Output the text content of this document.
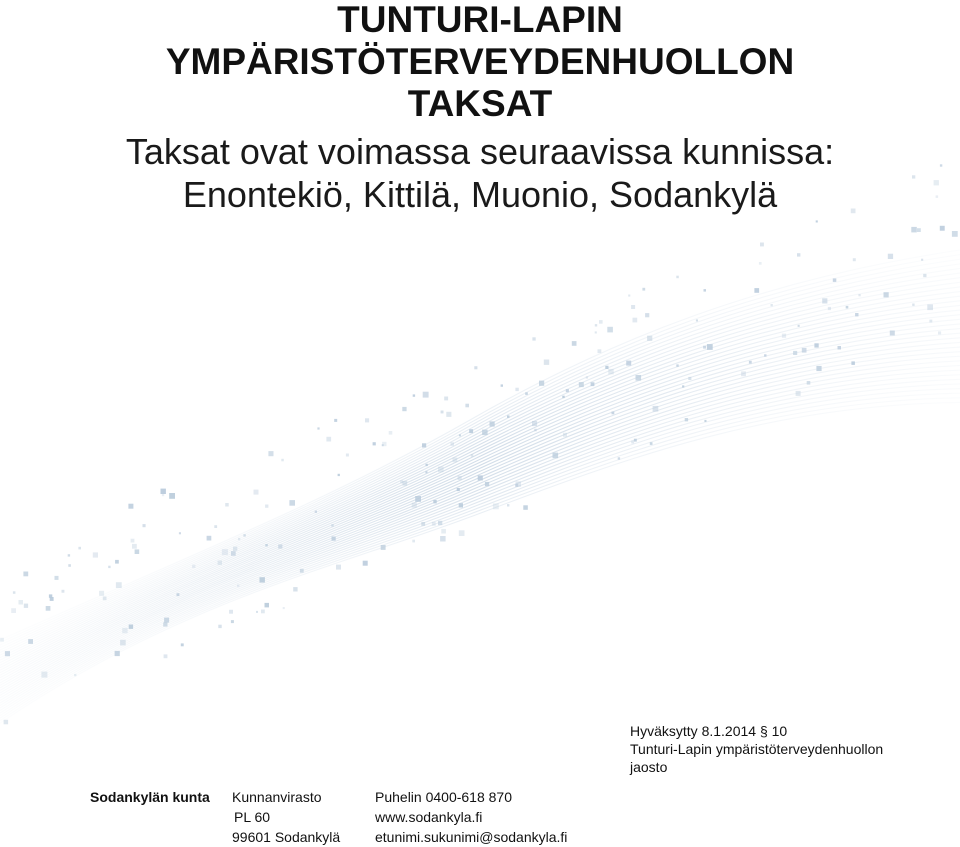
TUNTURI-LAPIN
YMPÄRISTÖTERVEYDENHUOLLON
TAKSAT
Taksat ovat voimassa seuraavissa kunnissa:
Enontekiö, Kittilä, Muonio, Sodankylä
Hyväksytty 8.1.2014 § 10
Tunturi-Lapin ympäristöterveydenhuollon
jaosto
Sodankylän kunta Kunnanvirasto
PL 60
99601 Sodankylä
Puhelin 0400-618 870
www.sodankyla.fi
etunimi.sukunimi@sodankyla.fi
